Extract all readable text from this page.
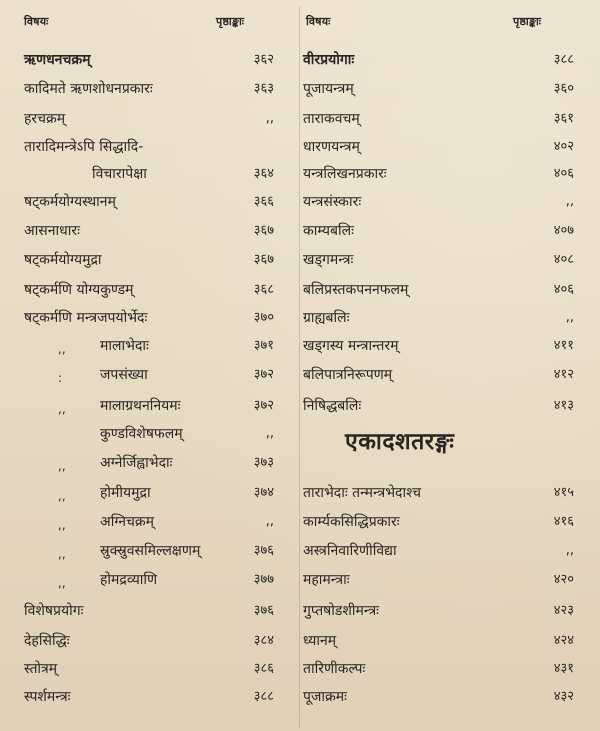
विषयः	पृष्ठाङ्काः	विषयः	पृष्ठाङ्काः
ऋणधनचक्रम्	३६२
कादिमते ऋणशोधनप्रकारः	३६३
हरचक्रम्	,,
तारादिमन्त्रेऽपि सिद्धादि-
विचारापेक्षा	३६४
षट्कर्मयोग्यस्थानम्	३६६
आसनाधारः	३६७
षट्कर्मयोग्यमुद्रा	३६७
षट्कर्मणि योग्यकुण्डम्	३६८
षट्कर्मणि मन्त्रजपयोर्भेदः	३७०
,, मालाभेदाः	३७१
:	जपसंख्या	३७२
,, मालाग्रथननियमः	३७२
कुण्डविशेषफलम्	,,
,, अग्नेर्जिह्वाभेदाः	३७३
,, होमीयमुद्रा	३७४
,, अग्निचक्रम्	,,
,, स्रुक्स्रुवसमिल्लक्षणम्	३७६
,, होमद्रव्याणि	३७७
विशेषप्रयोगः	३७६
देहसिद्धिः	३८४
स्तोत्रम्	३८६
स्पर्शमन्त्रः	३८८
वीरप्रयोगाः	३८८
पूजायन्त्रम्	३६०
ताराकवचम्	३६१
धारणयन्त्रम्	४०२
यन्त्रलिखनप्रकारः	४०६
यन्त्रसंस्कारः	,,
काम्यबलिः	४०७
खड्गमन्त्रः	४०८
बलिप्रस्तकपननफलम्	४०६
ग्राह्यबलिः	,,
खड्गस्य मन्त्रान्तरम्	४११
बलिपात्रनिरूपणम्	४१२
निषिद्धबलिः	४१३
एकादशतरङ्गः
ताराभेदाः तन्मन्त्रभेदाश्च	४१५
कार्म्यकसिद्धिप्रकारः	४१६
अस्त्रनिवारिणीविद्या	,,
महामन्त्राः	४२०
गुप्तषोडशीमन्त्रः	४२३
ध्यानम्	४२४
तारिणीकल्पः	४३१
पूजाक्रमः	४३२
